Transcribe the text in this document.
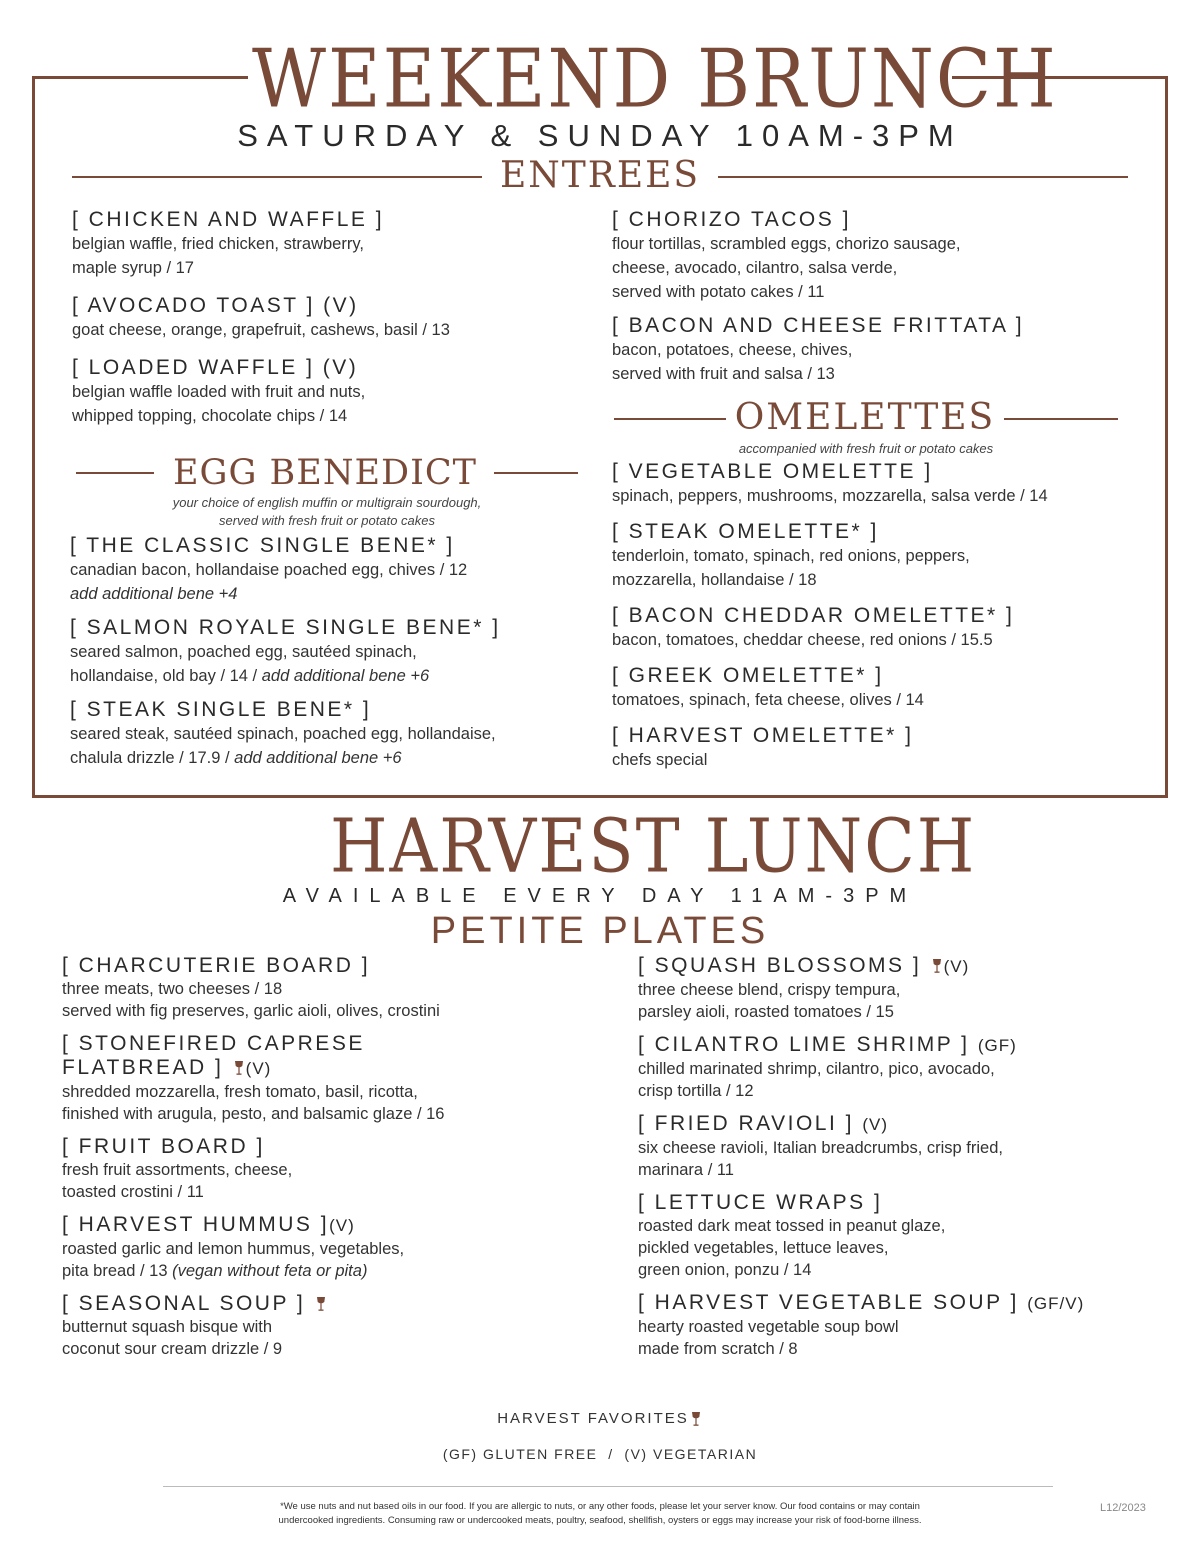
WEEKEND BRUNCH
SATURDAY & SUNDAY 10AM-3PM
ENTREES
[ CHICKEN AND WAFFLE ]
belgian waffle, fried chicken, strawberry,
maple syrup / 17
[ AVOCADO TOAST ] (V)
goat cheese, orange, grapefruit, cashews, basil / 13
[ LOADED WAFFLE ] (V)
belgian waffle loaded with fruit and nuts,
whipped topping, chocolate chips / 14
[ CHORIZO TACOS ]
flour tortillas, scrambled eggs, chorizo sausage,
cheese, avocado, cilantro, salsa verde,
served with potato cakes / 11
[ BACON AND CHEESE FRITTATA ]
bacon, potatoes, cheese, chives,
served with fruit and salsa / 13
EGG BENEDICT
your choice of english muffin or multigrain sourdough,
served with fresh fruit or potato cakes
[ THE CLASSIC SINGLE BENE* ]
canadian bacon, hollandaise poached egg, chives / 12
add additional bene +4
[ SALMON ROYALE SINGLE BENE* ]
seared salmon, poached egg, sautéed spinach,
hollandaise, old bay / 14 / add additional bene +6
[ STEAK SINGLE BENE* ]
seared steak, sautéed spinach, poached egg, hollandaise,
chalula drizzle / 17.9 / add additional bene +6
OMELETTES
accompanied with fresh fruit or potato cakes
[ VEGETABLE OMELETTE ]
spinach, peppers, mushrooms, mozzarella, salsa verde / 14
[ STEAK OMELETTE* ]
tenderloin, tomato, spinach, red onions, peppers,
mozzarella, hollandaise / 18
[ BACON CHEDDAR OMELETTE* ]
bacon, tomatoes, cheddar cheese, red onions / 15.5
[ GREEK OMELETTE* ]
tomatoes, spinach, feta cheese, olives / 14
[ HARVEST OMELETTE* ]
chefs special
HARVEST LUNCH
AVAILABLE EVERY DAY 11AM-3PM
PETITE PLATES
[ CHARCUTERIE BOARD ]
three meats, two cheeses / 18
served with fig preserves, garlic aioli, olives, crostini
[ STONEFIRED CAPRESE
FLATBREAD ] (V)
shredded mozzarella, fresh tomato, basil, ricotta,
finished with arugula, pesto, and balsamic glaze / 16
[ FRUIT BOARD ]
fresh fruit assortments, cheese,
toasted crostini / 11
[ HARVEST HUMMUS ](V)
roasted garlic and lemon hummus, vegetables,
pita bread / 13 (vegan without feta or pita)
[ SEASONAL SOUP ]
butternut squash bisque with
coconut sour cream drizzle / 9
[ SQUASH BLOSSOMS ] (V)
three cheese blend, crispy tempura,
parsley aioli, roasted tomatoes / 15
[ CILANTRO LIME SHRIMP ] (GF)
chilled marinated shrimp, cilantro, pico, avocado,
crisp tortilla / 12
[ FRIED RAVIOLI ] (V)
six cheese ravioli, Italian breadcrumbs, crisp fried,
marinara / 11
[ LETTUCE WRAPS ]
roasted dark meat tossed in peanut glaze,
pickled vegetables, lettuce leaves,
green onion, ponzu / 14
[ HARVEST VEGETABLE SOUP ] (GF/V)
hearty roasted vegetable soup bowl
made from scratch / 8
HARVEST FAVORITES
(GF) GLUTEN FREE  /  (V) VEGETARIAN
*We use nuts and nut based oils in our food. If you are allergic to nuts, or any other foods, please let your server know. Our food contains or may contain
undercooked ingredients. Consuming raw or undercooked meats, poultry, seafood, shellfish, oysters or eggs may increase your risk of food-borne illness.
L12/2023
